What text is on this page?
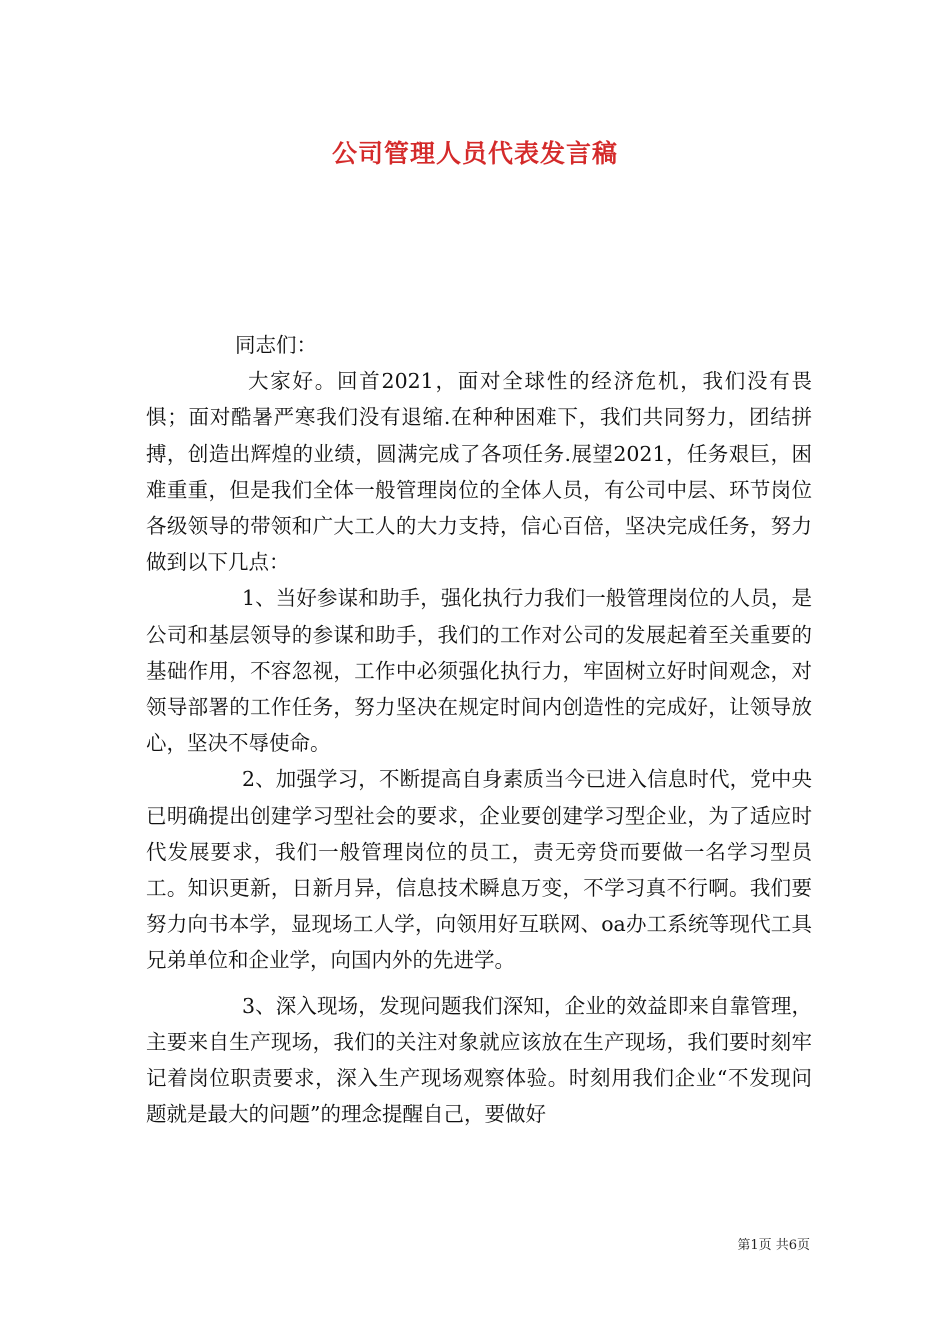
公司管理人员代表发言稿

同志们：

大家好。回首2021，面对全球性的经济危机，我们没有畏惧；面对酷暑严寒我们没有退缩.在种种困难下，我们共同努力，团结拼搏，创造出辉煌的业绩，圆满完成了各项任务.展望2021，任务艰巨，困难重重，但是我们全体一般管理岗位的全体人员，有公司中层、环节岗位各级领导的带领和广大工人的大力支持，信心百倍，坚决完成任务，努力做到以下几点：

1、当好参谋和助手，强化执行力我们一般管理岗位的人员，是公司和基层领导的参谋和助手，我们的工作对公司的发展起着至关重要的基础作用，不容忽视，工作中必须强化执行力，牢固树立好时间观念，对领导部署的工作任务，努力坚决在规定时间内创造性的完成好，让领导放心，坚决不辱使命。

2、加强学习，不断提高自身素质当今已进入信息时代，党中央已明确提出创建学习型社会的要求，企业要创建学习型企业，为了适应时代发展要求，我们一般管理岗位的员工，责无旁贷而要做一名学习型员工。知识更新，日新月异，信息技术瞬息万变，不学习真不行啊。我们要努力向书本学，显现场工人学，向领用好互联网、oa办工系统等现代工具兄弟单位和企业学，向国内外的先进学。

3、深入现场，发现问题我们深知，企业的效益即来自靠管理，主要来自生产现场，我们的关注对象就应该放在生产现场，我们要时刻牢记着岗位职责要求，深入生产现场观察体验。时刻用我们企业“不发现问题就是最大的问题”的理念提醒自己，要做好

第1页 共6页
